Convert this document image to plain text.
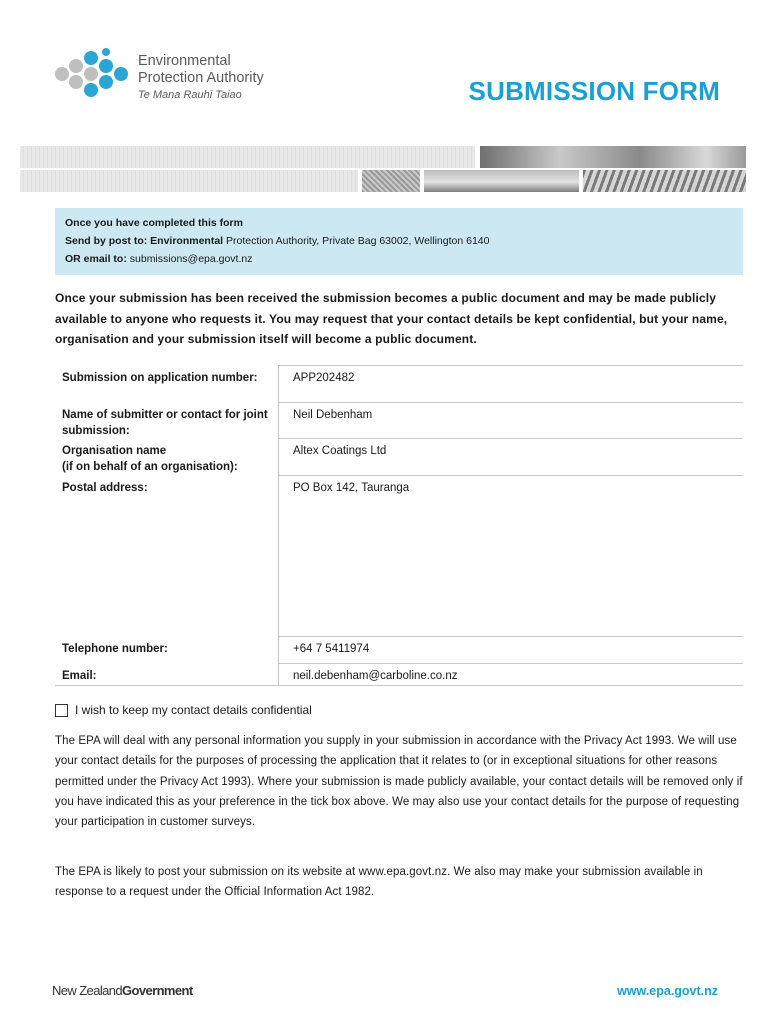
Environmental
Protection Authority
Te Mana Rauhī Taiao	SUBMISSION FORM
Once you have completed this form
Send by post to: Environmental Protection Authority, Private Bag 63002, Wellington 6140
OR email to: submissions@epa.govt.nz
Once your submission has been received the submission becomes a public document and may be made publicly available to anyone who requests it. You may request that your contact details be kept confidential, but your name, organisation and your submission itself will become a public document.
Submission on application number:	APP202482
Name of submitter or contact for joint submission:
Neil Debenham
Organisation name
(if on behalf of an organisation):
Altex Coatings Ltd
Postal address:	PO Box 142, Tauranga
Telephone number:	+64 7 5411974
Email:	neil.debenham@carboline.co.nz
I wish to keep my contact details confidential
The EPA will deal with any personal information you supply in your submission in accordance with the Privacy Act 1993. We will use your contact details for the purposes of processing the application that it relates to (or in exceptional situations for other reasons permitted under the Privacy Act 1993). Where your submission is made publicly available, your contact details will be removed only if you have indicated this as your preference in the tick box above. We may also use your contact details for the purpose of requesting your participation in customer surveys.
The EPA is likely to post your submission on its website at www.epa.govt.nz. We also may make your submission available in response to a request under the Official Information Act 1982.
New ZealandGovernment	www.epa.govt.nz
